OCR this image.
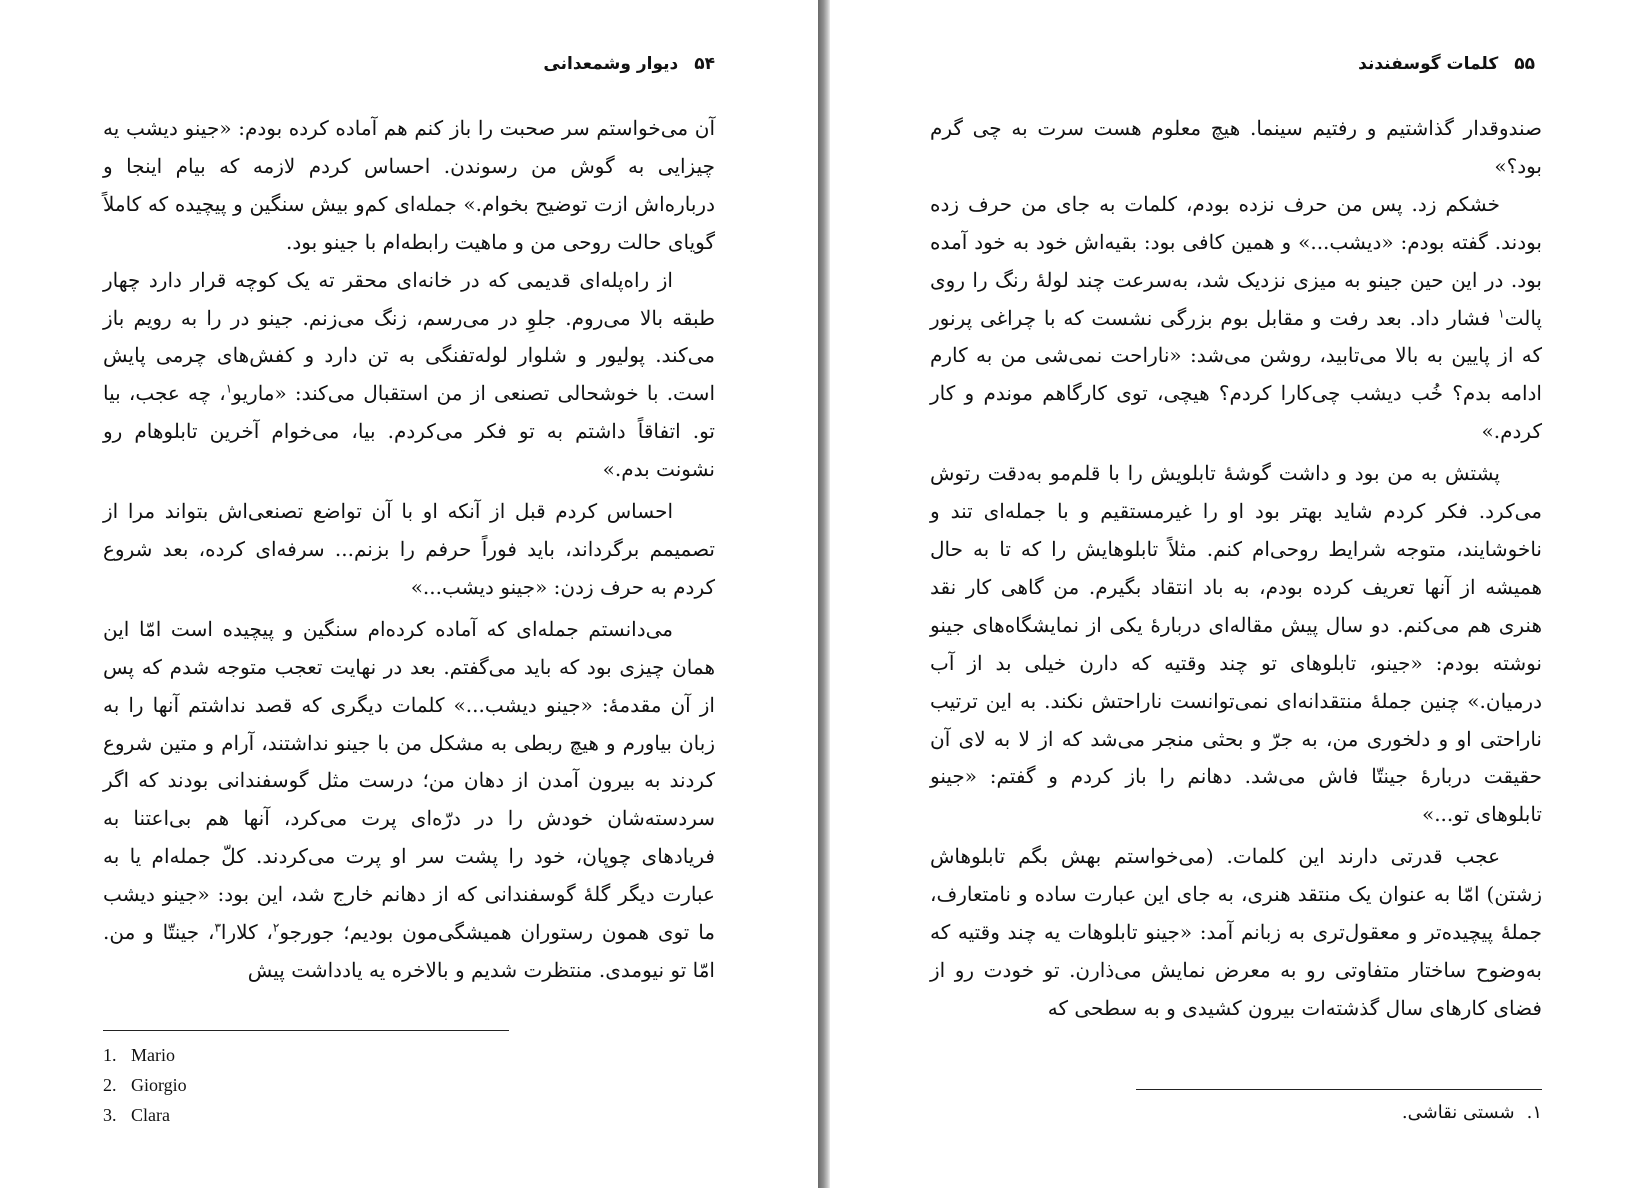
۵۴دیوار وشمعدانی

آن می‌خواستم سر صحبت را باز کنم هم آماده کرده بودم: «جینو دیشب یه چیزایی به گوش من رسوندن. احساس کردم لازمه که بیام اینجا و درباره‌اش ازت توضیح بخوام.» جمله‌ای کم‌و بیش سنگین و پیچیده که کاملاً گویای حالت روحی من و ماهیت رابطه‌ام با جینو بود.

از راه‌پله‌ای قدیمی که در خانه‌ای محقر ته یک کوچه قرار دارد چهار طبقه بالا می‌روم. جلوِ در می‌رسم، زنگ می‌زنم. جینو در را به رویم باز می‌کند. پولیور و شلوار لوله‌تفنگی به تن دارد و کفش‌های چرمی پایش است. با خوشحالی تصنعی از من استقبال می‌کند: «ماریو$^۱$، چه عجب، بیا تو. اتفاقاً داشتم به تو فکر می‌کردم. بیا، می‌خوام آخرین تابلوهام رو نشونت بدم.»

احساس کردم قبل از آنکه او با آن تواضع تصنعی‌اش بتواند مرا از تصمیمم برگرداند، باید فوراً حرفم را بزنم... سرفه‌ای کرده، بعد شروع کردم به حرف زدن: «جینو دیشب...»

می‌دانستم جمله‌ای که آماده کرده‌ام سنگین و پیچیده است امّا این همان چیزی بود که باید می‌گفتم. بعد در نهایت تعجب متوجه شدم که پس از آن مقدمهٔ: «جینو دیشب...» کلمات دیگری که قصد نداشتم آنها را به زبان بیاورم و هیچ ربطی به مشکل من با جینو نداشتند، آرام و متین شروع کردند به بیرون آمدن از دهان من؛ درست مثل گوسفندانی بودند که اگر سردسته‌شان خودش را در درّه‌ای پرت می‌کرد، آنها هم بی‌اعتنا به فریادهای چوپان، خود را پشت سر او پرت می‌کردند. کلّ جمله‌ام یا به عبارت دیگر گلهٔ گوسفندانی که از دهانم خارج شد، این بود: «جینو دیشب ما توی همون رستوران همیشگی‌مون بودیم؛ جورجو$^۲$، کلارا$^۳$، جینتّا و من. امّا تو نیومدی. منتظرت شدیم و بالاخره یه یادداشت پیش

1. Mario
2. Giorgio
3. Clara
۵۵کلمات گوسفندند

صندوقدار گذاشتیم و رفتیم سینما. هیچ معلوم هست سرت به چی گرم بود؟»

خشکم زد. پس من حرف نزده بودم، کلمات به جای من حرف زده بودند. گفته بودم: «دیشب...» و همین کافی بود: بقیه‌اش خود به خود آمده بود. در این حین جینو به میزی نزدیک شد، به‌سرعت چند لولهٔ رنگ را روی پالت$^۱$ فشار داد. بعد رفت و مقابل بوم بزرگی نشست که با چراغی پرنور که از پایین به بالا می‌تابید، روشن می‌شد: «ناراحت نمی‌شی من به کارم ادامه بدم؟ خُب دیشب چی‌کارا کردم؟ هیچی، توی کارگاهم موندم و کار کردم.»

پشتش به من بود و داشت گوشهٔ تابلویش را با قلم‌مو به‌دقت رتوش می‌کرد. فکر کردم شاید بهتر بود او را غیرمستقیم و با جمله‌ای تند و ناخوشایند، متوجه شرایط روحی‌ام کنم. مثلاً تابلوهایش را که تا به حال همیشه از آنها تعریف کرده بودم، به باد انتقاد بگیرم. من گاهی کار نقد هنری هم می‌کنم. دو سال پیش مقاله‌ای دربارهٔ یکی از نمایشگاه‌های جینو نوشته بودم: «جینو، تابلوهای تو چند وقتیه که دارن خیلی بد از آب درمیان.» چنین جملهٔ منتقدانه‌ای نمی‌توانست ناراحتش نکند. به این ترتیب ناراحتی او و دلخوری من، به جرّ و بحثی منجر می‌شد که از لا به لای آن حقیقت دربارهٔ جینتّا فاش می‌شد. دهانم را باز کردم و گفتم: «جینو تابلوهای تو...»

عجب قدرتی دارند این کلمات. (می‌خواستم بهش بگم تابلوهاش زشتن) امّا به عنوان یک منتقد هنری، به جای این عبارت ساده و نامتعارف، جملهٔ پیچیده‌تر و معقول‌تری به زبانم آمد: «جینو تابلوهات یه چند وقتیه که به‌وضوح ساختار متفاوتی رو به معرض نمایش می‌ذارن. تو خودت رو از فضای کارهای سال گذشته‌ات بیرون کشیدی و به سطحی که

۱.شستی نقاشی.
